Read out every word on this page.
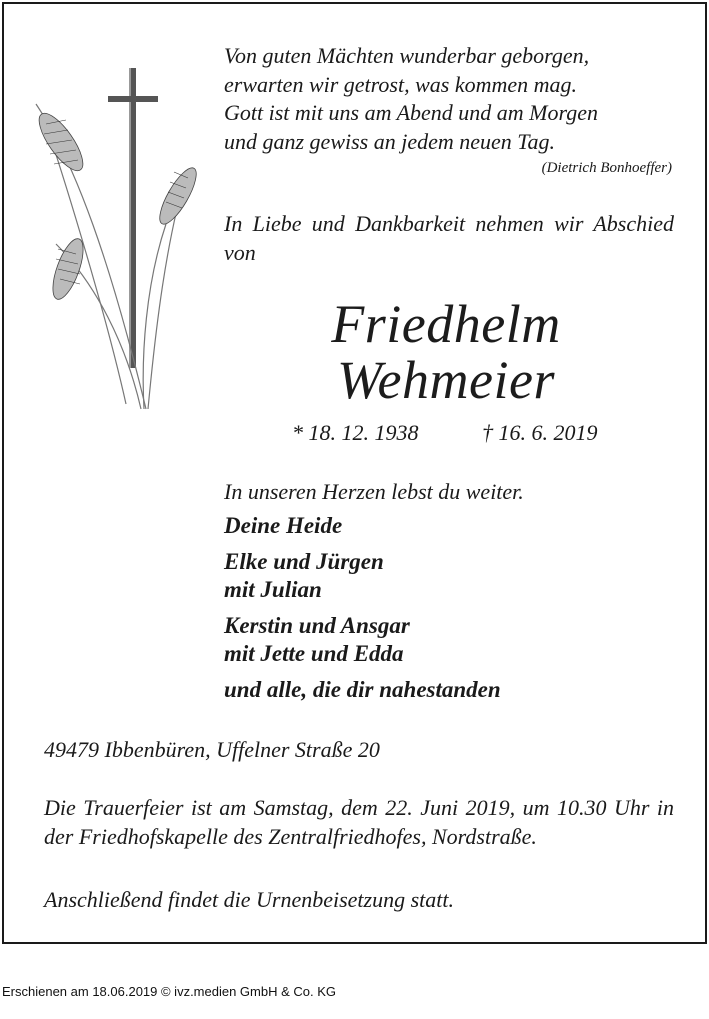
Von guten Mächten wunderbar geborgen,
erwarten wir getrost, was kommen mag.
Gott ist mit uns am Abend und am Morgen
und ganz gewiss an jedem neuen Tag.
(Dietrich Bonhoeffer)
In Liebe und Dankbarkeit nehmen wir Abschied von
Friedhelm
Wehmeier
* 18. 12. 1938	† 16. 6. 2019
In unseren Herzen lebst du weiter.
Deine Heide
Elke und Jürgen
mit Julian
Kerstin und Ansgar
mit Jette und Edda
und alle, die dir nahestanden
49479 Ibbenbüren, Uffelner Straße 20
Die Trauerfeier ist am Samstag, dem 22. Juni 2019, um 10.30 Uhr in der Friedhofskapelle des Zentralfriedhofes, Nordstraße.
Anschließend findet die Urnenbeisetzung statt.
Erschienen am 18.06.2019 © ivz.medien GmbH & Co. KG
